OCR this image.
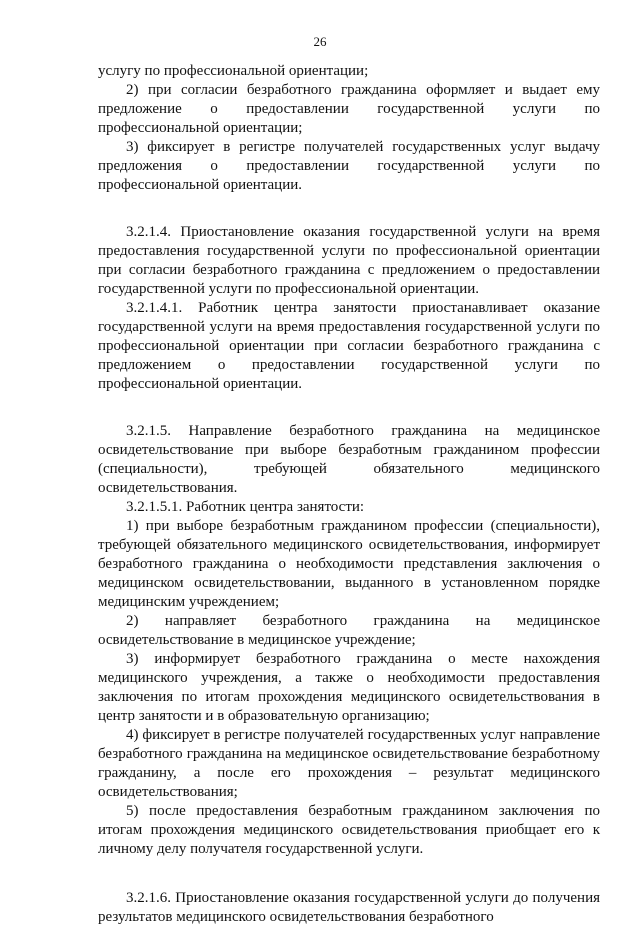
26

услугу по профессиональной ориентации;

2) при согласии безработного гражданина оформляет и выдает ему предложение о предоставлении государственной услуги по профессиональной ориентации;

3) фиксирует в регистре получателей государственных услуг выдачу предложения о предоставлении государственной услуги по профессиональной ориентации.

3.2.1.4. Приостановление оказания государственной услуги на время предоставления государственной услуги по профессиональной ориентации при согласии безработного гражданина с предложением о предоставлении государственной услуги по профессиональной ориентации.

3.2.1.4.1. Работник центра занятости приостанавливает оказание государственной услуги на время предоставления государственной услуги по профессиональной ориентации при согласии безработного гражданина с предложением о предоставлении государственной услуги по профессиональной ориентации.

3.2.1.5. Направление безработного гражданина на медицинское освидетельствование при выборе безработным гражданином профессии (специальности), требующей обязательного медицинского освидетельствования.

3.2.1.5.1. Работник центра занятости:

1) при выборе безработным гражданином профессии (специальности), требующей обязательного медицинского освидетельствования, информирует безработного гражданина о необходимости представления заключения о медицинском освидетельствовании, выданного в установленном порядке медицинским учреждением;

2) направляет безработного гражданина на медицинское освидетельствование в медицинское учреждение;

3) информирует безработного гражданина о месте нахождения медицинского учреждения, а также о необходимости предоставления заключения по итогам прохождения медицинского освидетельствования в центр занятости и в образовательную организацию;

4) фиксирует в регистре получателей государственных услуг направление безработного гражданина на медицинское освидетельствование безработному гражданину, а после его прохождения – результат медицинского освидетельствования;

5) после предоставления безработным гражданином заключения по итогам прохождения медицинского освидетельствования приобщает его к личному делу получателя государственной услуги.

3.2.1.6. Приостановление оказания государственной услуги до получения результатов медицинского освидетельствования безработного
